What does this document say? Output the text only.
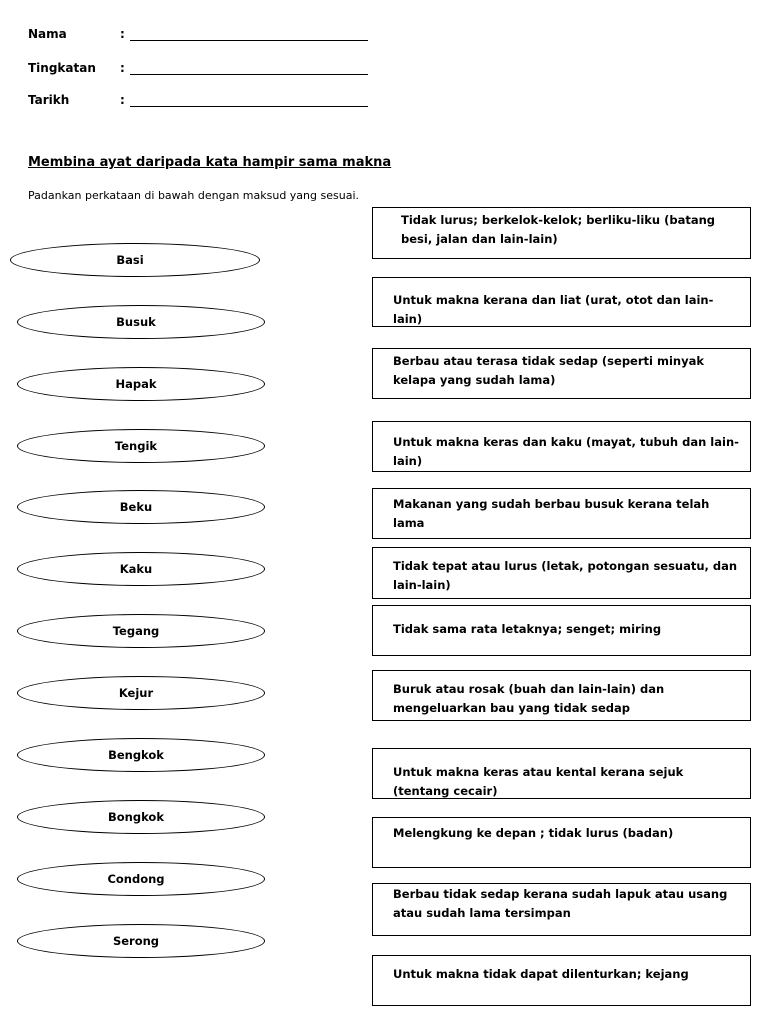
Nama	:
Tingkatan :
Tarikh	:
Membina ayat daripada kata hampir sama makna
Padankan perkataan di bawah dengan maksud yang sesuai.
Basi
Busuk
Hapak
Tengik
Beku
Kaku
Tegang
Kejur
Bengkok
Bongkok
Condong
Serong
Tidak lurus; berkelok-kelok; berliku-liku (batang besi, jalan dan lain-lain)
Untuk makna kerana dan liat (urat, otot dan lain-lain)
Berbau atau terasa tidak sedap (seperti minyak kelapa yang sudah lama)
Untuk makna keras dan kaku (mayat, tubuh dan lain-lain)
Makanan yang sudah berbau busuk kerana telah lama
Tidak tepat atau lurus (letak, potongan sesuatu, dan lain-lain)
Tidak sama rata letaknya; senget; miring
Buruk atau rosak (buah dan lain-lain) dan mengeluarkan bau yang tidak sedap
Untuk makna keras atau kental kerana sejuk (tentang cecair)
Melengkung ke depan ; tidak lurus (badan)
Berbau tidak sedap kerana sudah lapuk atau usang atau sudah lama tersimpan
Untuk makna tidak dapat dilenturkan; kejang
